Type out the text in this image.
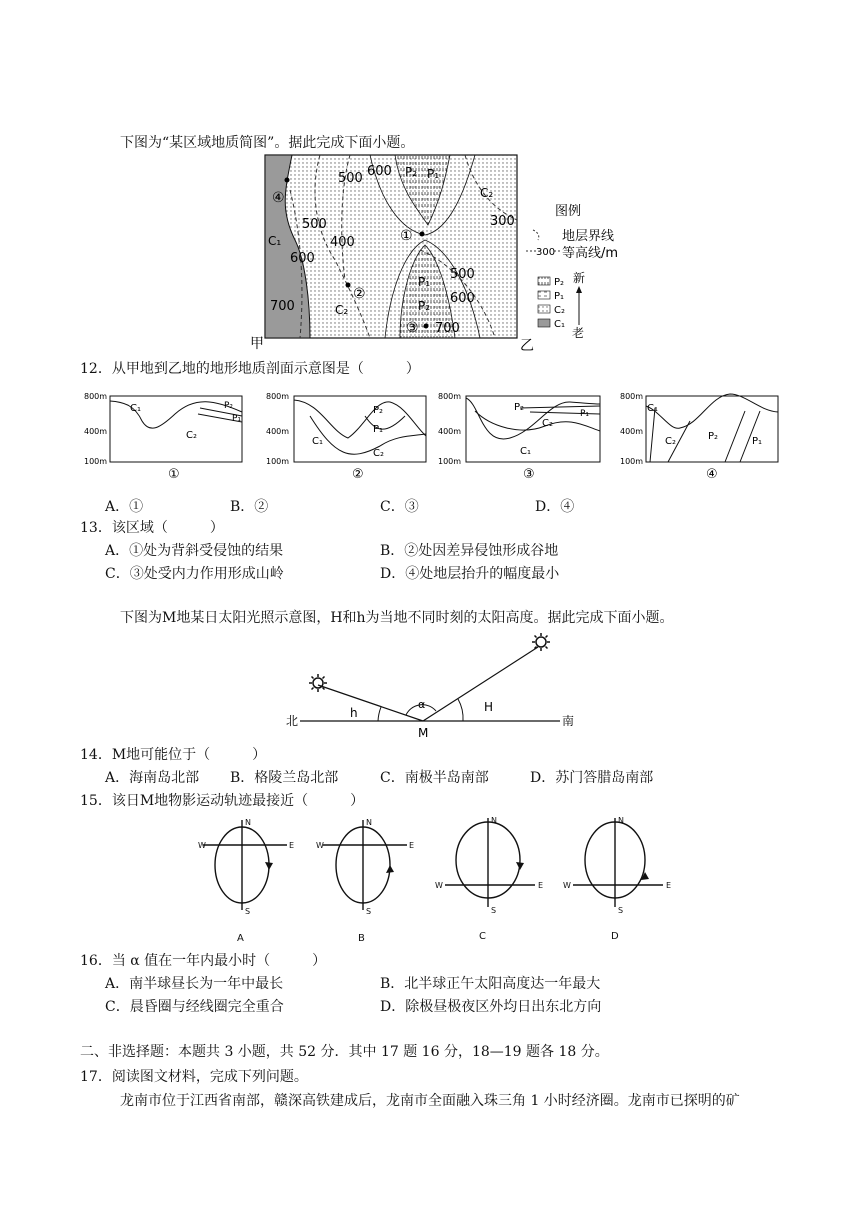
下图为“某区域地质简图”。据此完成下面小题。
500 600
300
400
500
600
700
600
700
500
P₂ P₁
C₂
C₁
C₂	P₂
P₁
①
②
③
④
甲	乙
图例
地层界线
300 等高线/m
P₂
P₁
C₂
C₁
新
老
12．从甲地到乙地的地形地质剖面示意图是（　　　）
800m
400m
100m
C₁
C₂
P₂
P₁
①
800m
400m
100m
C₁
P₂
P₁
C₂
②
800m
400m
100m
P₂
P₁
C₂
C₁
③
800m
400m
100m
C₁
C₂	P₂	P₁
④
A．①	B．②	C．③	D．④
13．该区域（　　　）
A．①处为背斜受侵蚀的结果	B．②处因差异侵蚀形成谷地
C．③处受内力作用形成山岭	D．④处地层抬升的幅度最小
下图为M地某日太阳光照示意图，H和h为当地不同时刻的太阳高度。据此完成下面小题。
北	南
M
h	H
α
14．M地可能位于（　　　）
A．海南岛北部 B．格陵兰岛北部	C．南极半岛南部	D．苏门答腊岛南部
15．该日M地物影运动轨迹最接近（　　　）
N
S
W	E
A
N
S
W	E
B
N
S
W	E
C
N
S
W	E
D
16．当 α 值在一年内最小时（　　　）
A．南半球昼长为一年中最长	B．北半球正午太阳高度达一年最大
C．晨昏圈与经线圈完全重合	D．除极昼极夜区外均日出东北方向
二、非选择题：本题共 3 小题，共 52 分．其中 17 题 16 分，18—19 题各 18 分。
17．阅读图文材料，完成下列问题。
龙南市位于江西省南部，赣深高铁建成后，龙南市全面融入珠三角 1 小时经济圈。龙南市已探明的矿
